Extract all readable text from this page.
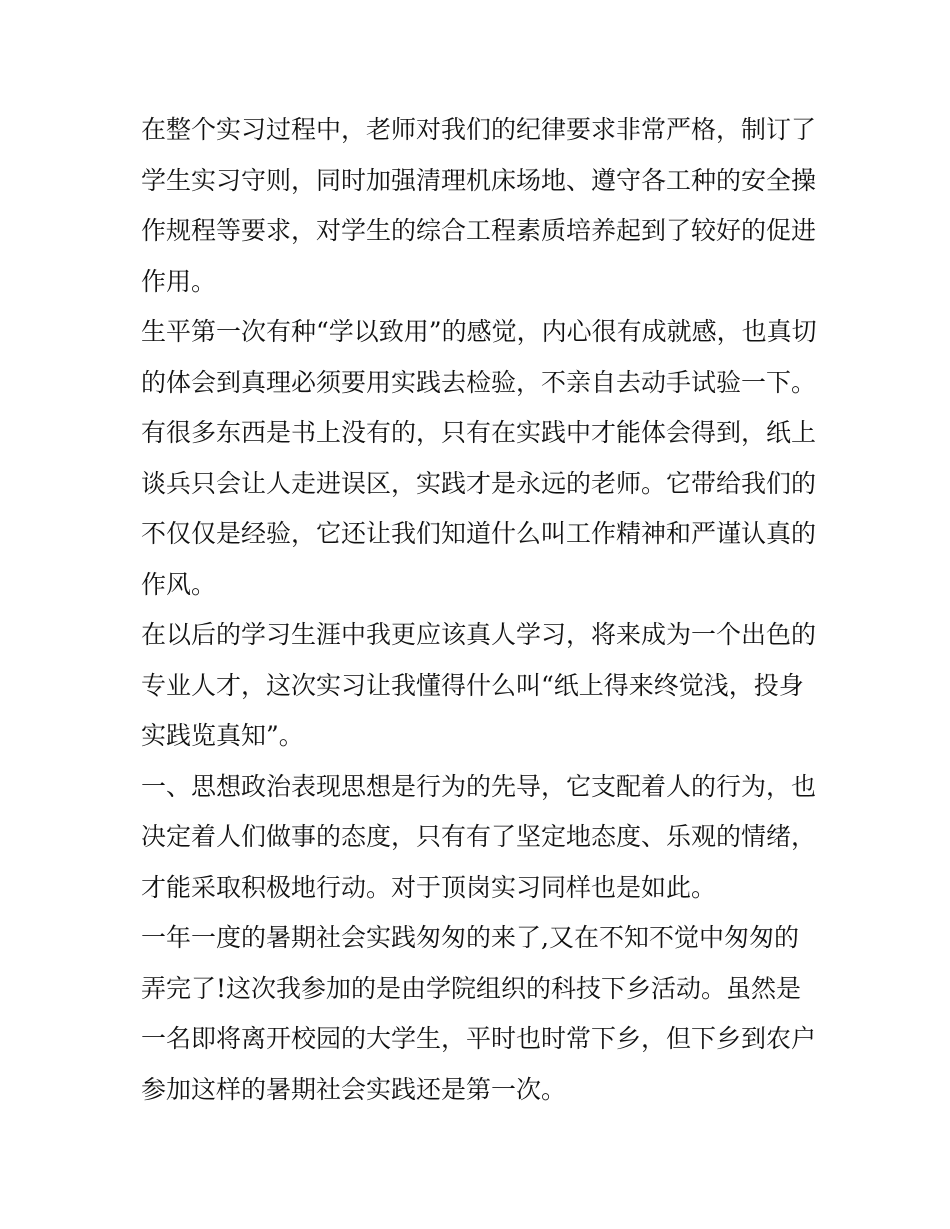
在整个实习过程中，老师对我们的纪律要求非常严格，制订了
学生实习守则，同时加强清理机床场地、遵守各工种的安全操
作规程等要求，对学生的综合工程素质培养起到了较好的促进
作用。
生平第一次有种“学以致用”的感觉，内心很有成就感，也真切
的体会到真理必须要用实践去检验，不亲自去动手试验一下。
有很多东西是书上没有的，只有在实践中才能体会得到，纸上
谈兵只会让人走进误区，实践才是永远的老师。它带给我们的
不仅仅是经验，它还让我们知道什么叫工作精神和严谨认真的
作风。
在以后的学习生涯中我更应该真人学习，将来成为一个出色的
专业人才，这次实习让我懂得什么叫“纸上得来终觉浅，投身
实践览真知”。
一、思想政治表现思想是行为的先导，它支配着人的行为，也
决定着人们做事的态度，只有有了坚定地态度、乐观的情绪，
才能采取积极地行动。对于顶岗实习同样也是如此。
一年一度的暑期社会实践匆匆的来了,又在不知不觉中匆匆的
弄完了!这次我参加的是由学院组织的科技下乡活动。虽然是
一名即将离开校园的大学生，平时也时常下乡，但下乡到农户
参加这样的暑期社会实践还是第一次。
